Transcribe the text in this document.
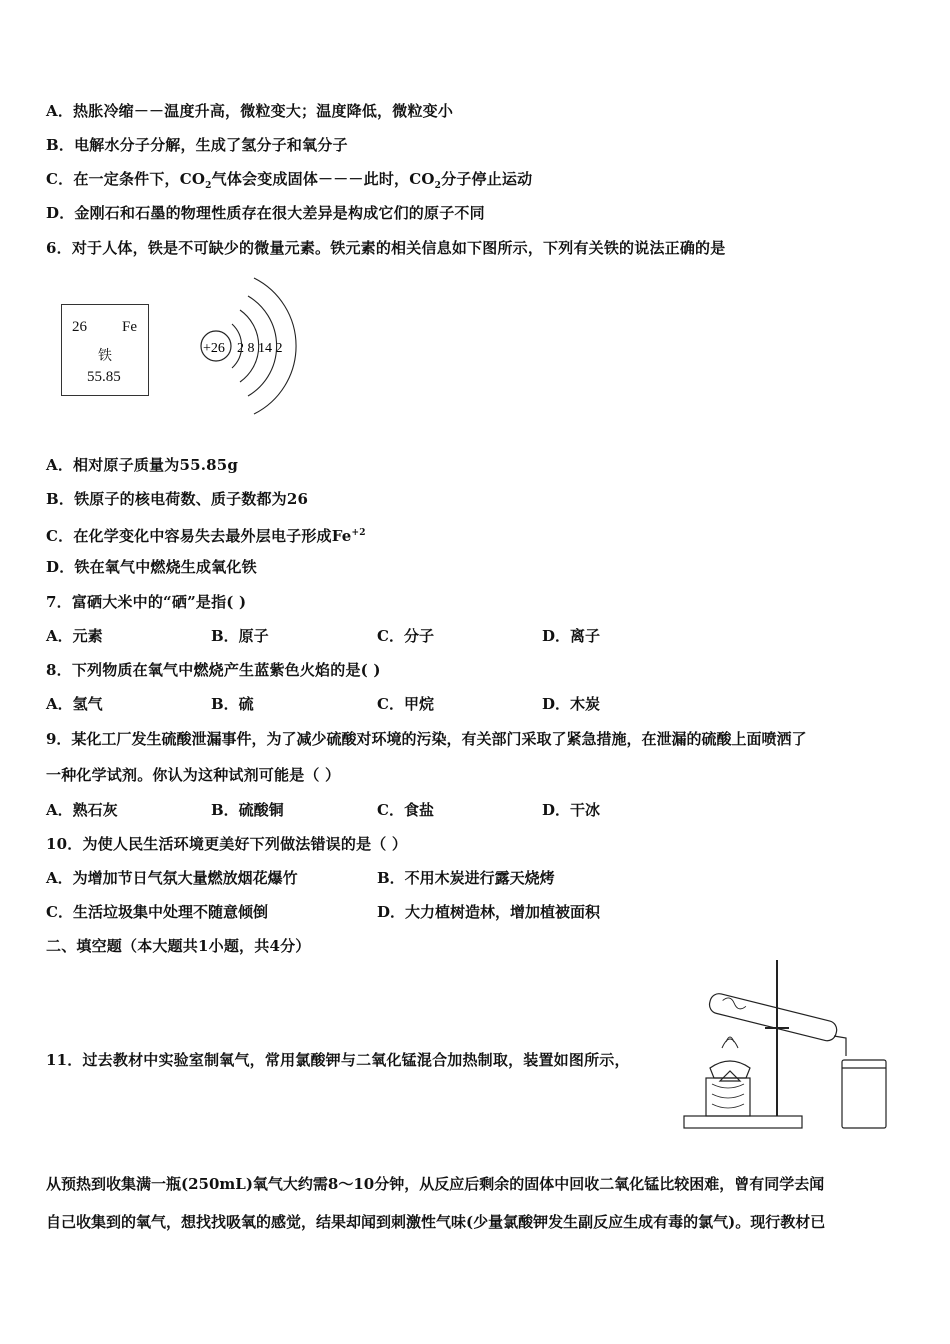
A．热胀冷缩－－温度升高，微粒变大；温度降低，微粒变小
B．电解水分子分解，生成了氢分子和氧分子
C．在一定条件下，$CO_2$气体会变成固体－－－此时，$CO_2$分子停止运动
D．金刚石和石墨的物理性质存在很大差异是构成它们的原子不同
6．对于人体，铁是不可缺少的微量元素。铁元素的相关信息如下图所示，下列有关铁的说法正确的是
26 Fe
铁
55.85
+26 2 8 14 2
A．相对原子质量为55.85g
B．铁原子的核电荷数、质子数都为26
C．在化学变化中容易失去最外层电子形成$Fe^{+2}$
D．铁在氧气中燃烧生成氧化铁
7．富硒大米中的“硒”是指( )
A．元素	B．原子	C．分子	D．离子
8．下列物质在氧气中燃烧产生蓝紫色火焰的是( )
A．氢气	B．硫	C．甲烷	D．木炭
9．某化工厂发生硫酸泄漏事件，为了减少硫酸对环境的污染，有关部门采取了紧急措施，在泄漏的硫酸上面喷洒了
一种化学试剂。你认为这种试剂可能是（ ）
A．熟石灰	B．硫酸铜	C．食盐	D．干冰
10．为使人民生活环境更美好下列做法错误的是（ ）
A．为增加节日气氛大量燃放烟花爆竹	B．不用木炭进行露天烧烤
C．生活垃圾集中处理不随意倾倒	D．大力植树造林，增加植被面积
二、填空题（本大题共1小题，共4分）
11．过去教材中实验室制氧气，常用氯酸钾与二氧化锰混合加热制取，装置如图所示，
从预热到收集满一瓶(250mL)氧气大约需8～10分钟，从反应后剩余的固体中回收二氧化锰比较困难，曾有同学去闻
自己收集到的氧气，想找找吸氧的感觉，结果却闻到刺激性气味(少量氯酸钾发生副反应生成有毒的氯气)。现行教材已
